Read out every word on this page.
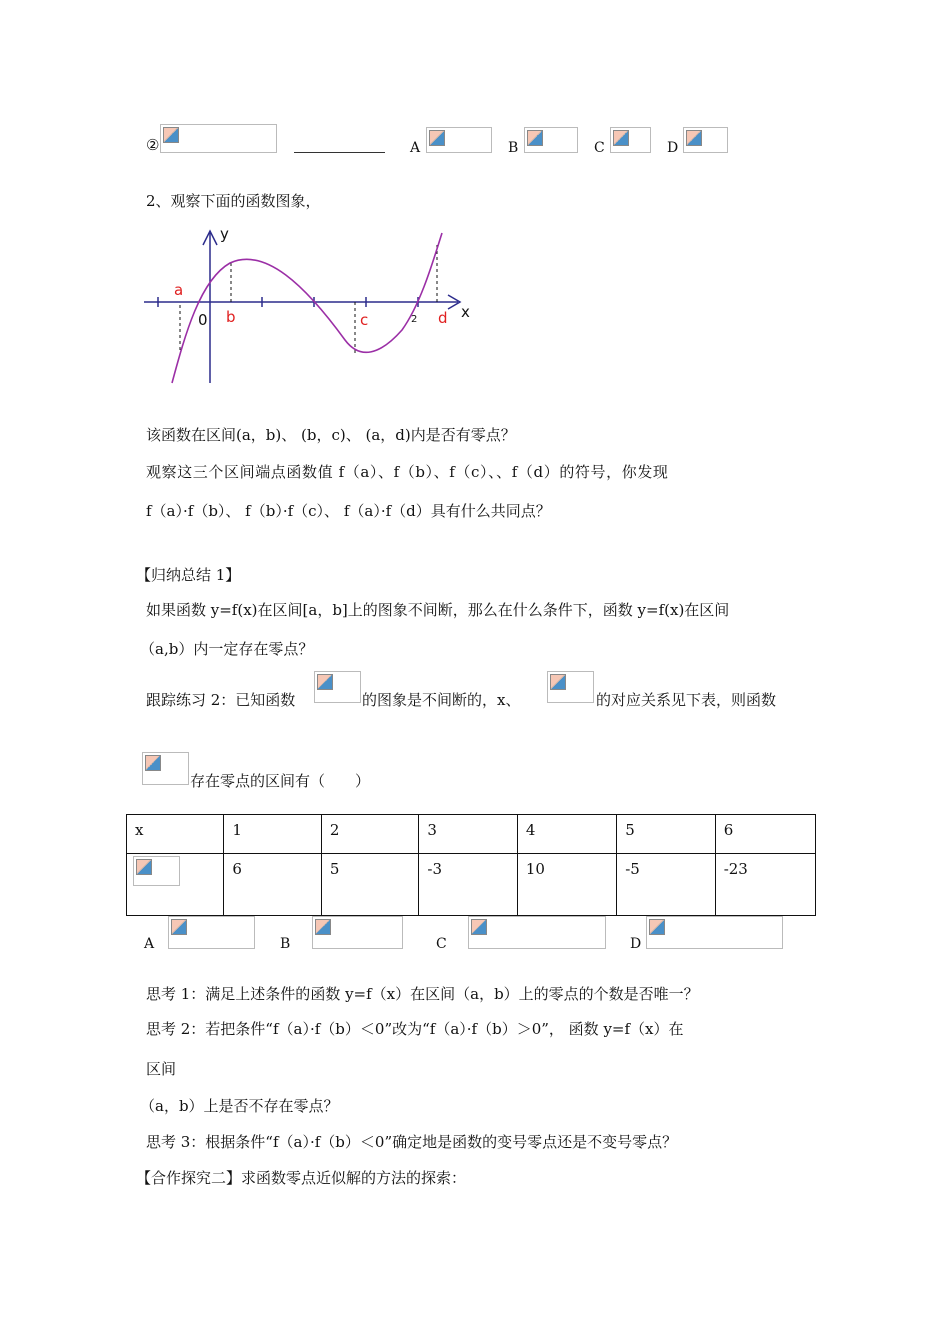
②	A	B	C	D
2、观察下面的函数图象，
a
b	c	d
0
y
x
2
该函数在区间(a，b)、 (b，c)、 (a，d)内是否有零点？
观察这三个区间端点函数值 f（a）、f（b）、f（c）、、f（d）的符号，你发现
f（a）·f（b）、 f（b）·f（c）、 f（a）·f（d）具有什么共同点？
【归纳总结 1】
如果函数 y=f(x)在区间[a，b]上的图象不间断，那么在什么条件下，函数 y=f(x)在区间
（a,b）内一定存在零点？
跟踪练习 2：已知函数	的图象是不间断的，x、	的对应关系见下表，则函数
存在零点的区间有（　　）
x	1	2	3	4	5	6

	6	5	-3	10	-5	-23
A	B	C	D
思考 1：满足上述条件的函数 y=f（x）在区间（a，b）上的零点的个数是否唯一？
思考 2：若把条件“f（a）·f（b）＜0”改为“f（a）·f（b）＞0”， 函数 y=f（x）在
区间
（a，b）上是否不存在零点？
思考 3：根据条件“f（a）·f（b）＜0”确定地是函数的变号零点还是不变号零点？
【合作探究二】求函数零点近似解的方法的探索：
